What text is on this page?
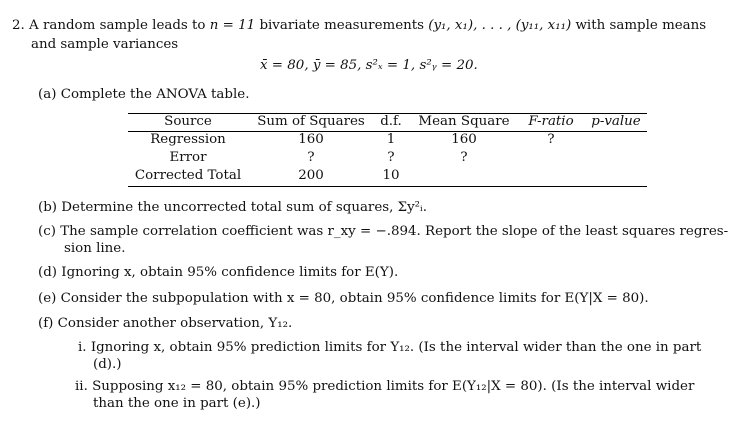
2. A random sample leads to n = 11 bivariate measurements (y₁, x₁), . . . , (y₁₁, x₁₁) with sample means
and sample variances
x̄ = 80, ȳ = 85, s²ₓ = 1, s²ᵧ = 20.
(a) Complete the ANOVA table.
Source	Sum of Squares	d.f.	Mean Square	F-ratio	p-value
Regression	160	1	160	?
Error	?	?	?
Corrected Total	200	10
(b) Determine the uncorrected total sum of squares, Σy²ᵢ.
(c) The sample correlation coefficient was r_xy = −.894. Report the slope of the least squares regres-
sion line.
(d) Ignoring x, obtain 95% confidence limits for E(Y).
(e) Consider the subpopulation with x = 80, obtain 95% confidence limits for E(Y|X = 80).
(f) Consider another observation, Y₁₂.
i. Ignoring x, obtain 95% prediction limits for Y₁₂. (Is the interval wider than the one in part
(d).)
ii. Supposing x₁₂ = 80, obtain 95% prediction limits for E(Y₁₂|X = 80). (Is the interval wider
than the one in part (e).)
